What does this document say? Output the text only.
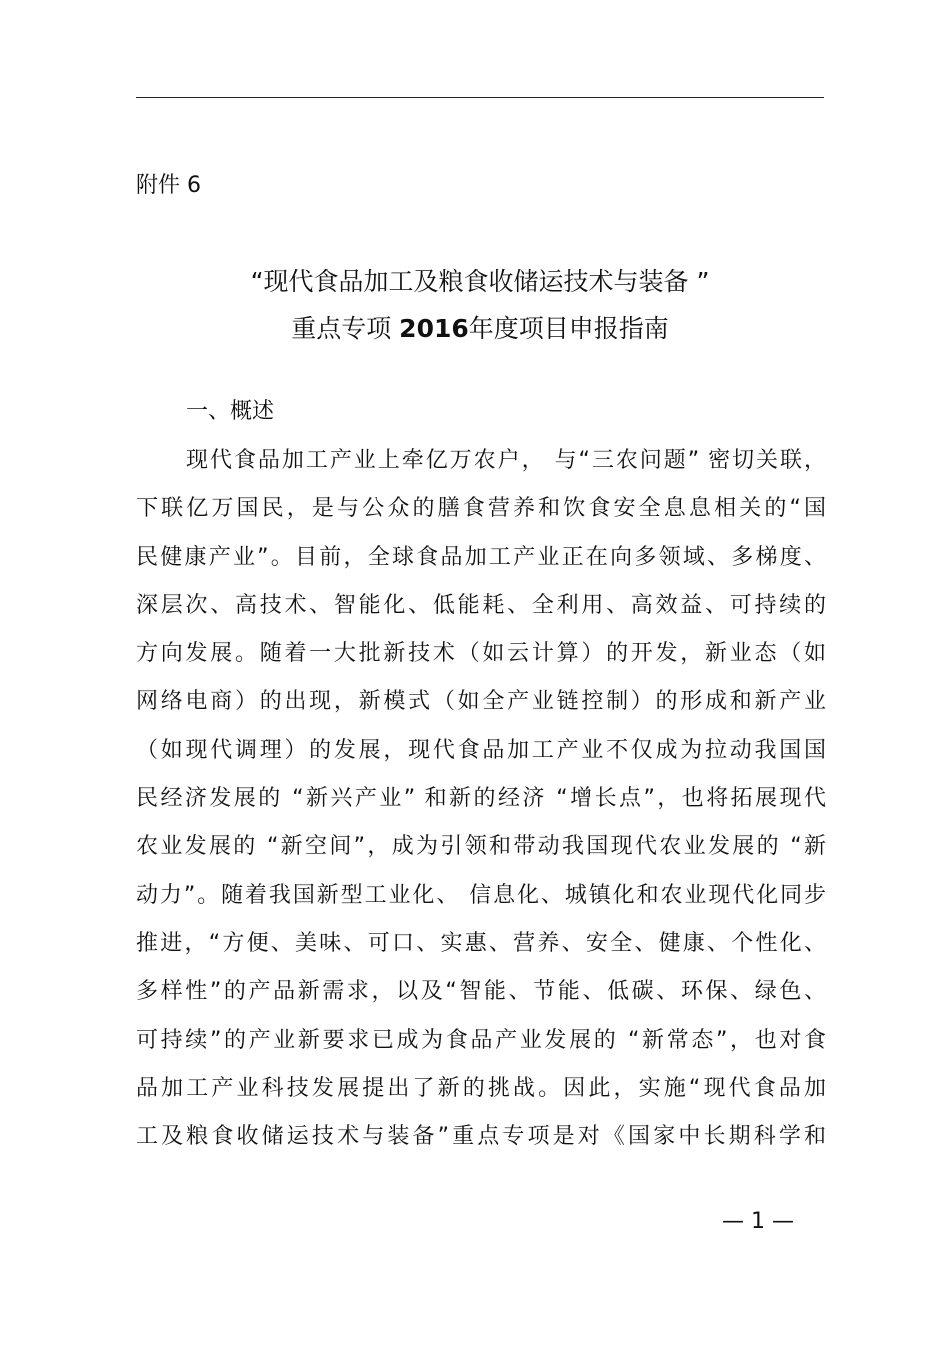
附件 6
“现代食品加工及粮食收储运技术与装备 ”
重点专项 2016年度项目申报指南
一、概述
现代食品加工产业上牵亿万农户， 与“三农问题” 密切关联，
下联亿万国民，是与公众的膳食营养和饮食安全息息相关的“国
民健康产业”。目前，全球食品加工产业正在向多领域、多梯度、
深层次、高技术、智能化、低能耗、全利用、高效益、可持续的
方向发展。随着一大批新技术（如云计算）的开发，新业态（如
网络电商）的出现，新模式（如全产业链控制）的形成和新产业
（如现代调理）的发展，现代食品加工产业不仅成为拉动我国国
民经济发展的 “新兴产业” 和新的经济 “增长点”，也将拓展现代
农业发展的 “新空间”，成为引领和带动我国现代农业发展的 “新
动力”。随着我国新型工业化、 信息化、城镇化和农业现代化同步
推进，“方便、美味、可口、实惠、营养、安全、健康、个性化、
多样性”的产品新需求，以及“智能、节能、低碳、环保、绿色、
可持续”的产业新要求已成为食品产业发展的 “新常态”，也对食
品加工产业科技发展提出了新的挑战。因此，实施“现代食品加
工及粮食收储运技术与装备”重点专项是对《国家中长期科学和
— 1 —
